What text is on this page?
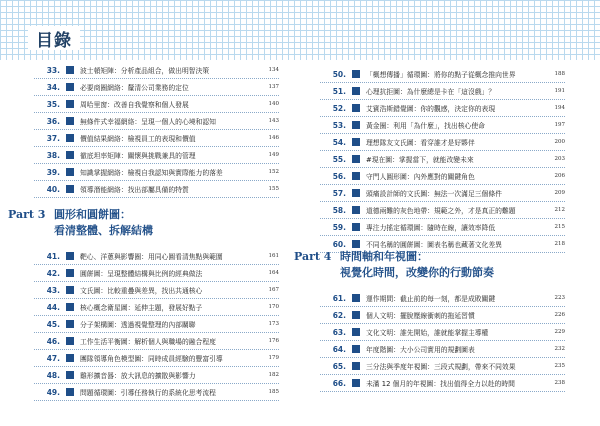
目錄
33.	波士頓矩陣：分析產品組合，做出明智決策	134
34.	必要商圈網絡：釐清公司業務的定位	137
35.	周哈里窗：改善自我覺察和個人發展	140
36.	無條件式幸福網絡：呈現一個人的心境和認知	143
37.	價值結果網絡：檢視員工的表現和價值	146
38.	徹底坦率矩陣：關懷與挑戰兼具的管理	149
39.	知識掌握網絡：檢視自我認知與實際能力的落差	152
40.	領導潛能網絡：找出部屬具備的特質	155
Part 3 圓形和圓餅圖：
看清整體、拆解結構
41.	靶心、洋蔥與影響圈：用同心圓看清焦點與範圍	161
42.	圓餅圖：呈現整體結構與比例的經典做法	164
43.	文氏圖：比較重疊與差異，找出共通核心	167
44.	核心概念衛星圖：延伸主題，發展好點子	170
45.	分子架構圖：透過視覺整理的內部關聯	173
46.	工作生活平衡圖：解析個人與職場的融合程度	176
47.	團隊領導角色模型圖：同時成員經驗的豐富引導	179
48.	雞形擴音器：放大訊息的擴散與影響力	182
49.	問題循環圖：引導任務執行的系統化思考流程	185
50.	「概想傳播」循環圖：將你的點子從概念推向世界	188
51.	心理抗拒圖：為什麼總是卡在「這沒戲」？	191
52.	艾賓浩斯錯覺圖：你的觀感，決定你的表現	194
53.	黃金圈：利用「為什麼」，找出核心使命	197
54.	理想隊友文氏圖：看穿誰才是好夥伴	200
55.	#現在圖：掌握當下，就能改變未來	203
56.	守門人圓形圖：內外應對的關鍵角色	206
57.	頭痛設計師的文氏圖：無法一次滿足三個條件	209
58.	道德兩難的灰色地帶：規範之外，才是真正的難題	212
59.	專注力搖定循環圖：隨時在線，讓效率降低	215
60.	不同名稱的圓餅圖：圖表名稱也藏著文化差異	218
Part 4 時間軸和年視圖：
視覺化時間，改變你的行動節奏
61.	運作期間：截止前的每一刻，都是成敗關鍵	223
62.	個人文明：擺脫壓線衝刺的拖延習慣	226
63.	文化文明：誰先開始，誰就能掌握主導權	229
64.	年度階圖：大小公司實用的規劃圖表	232
65.	三分法與季度年視圖：三段式規劃，帶來不同效果	235
66.	未滿 12 個月的年視圖：找出值得全力以赴的時間	238
